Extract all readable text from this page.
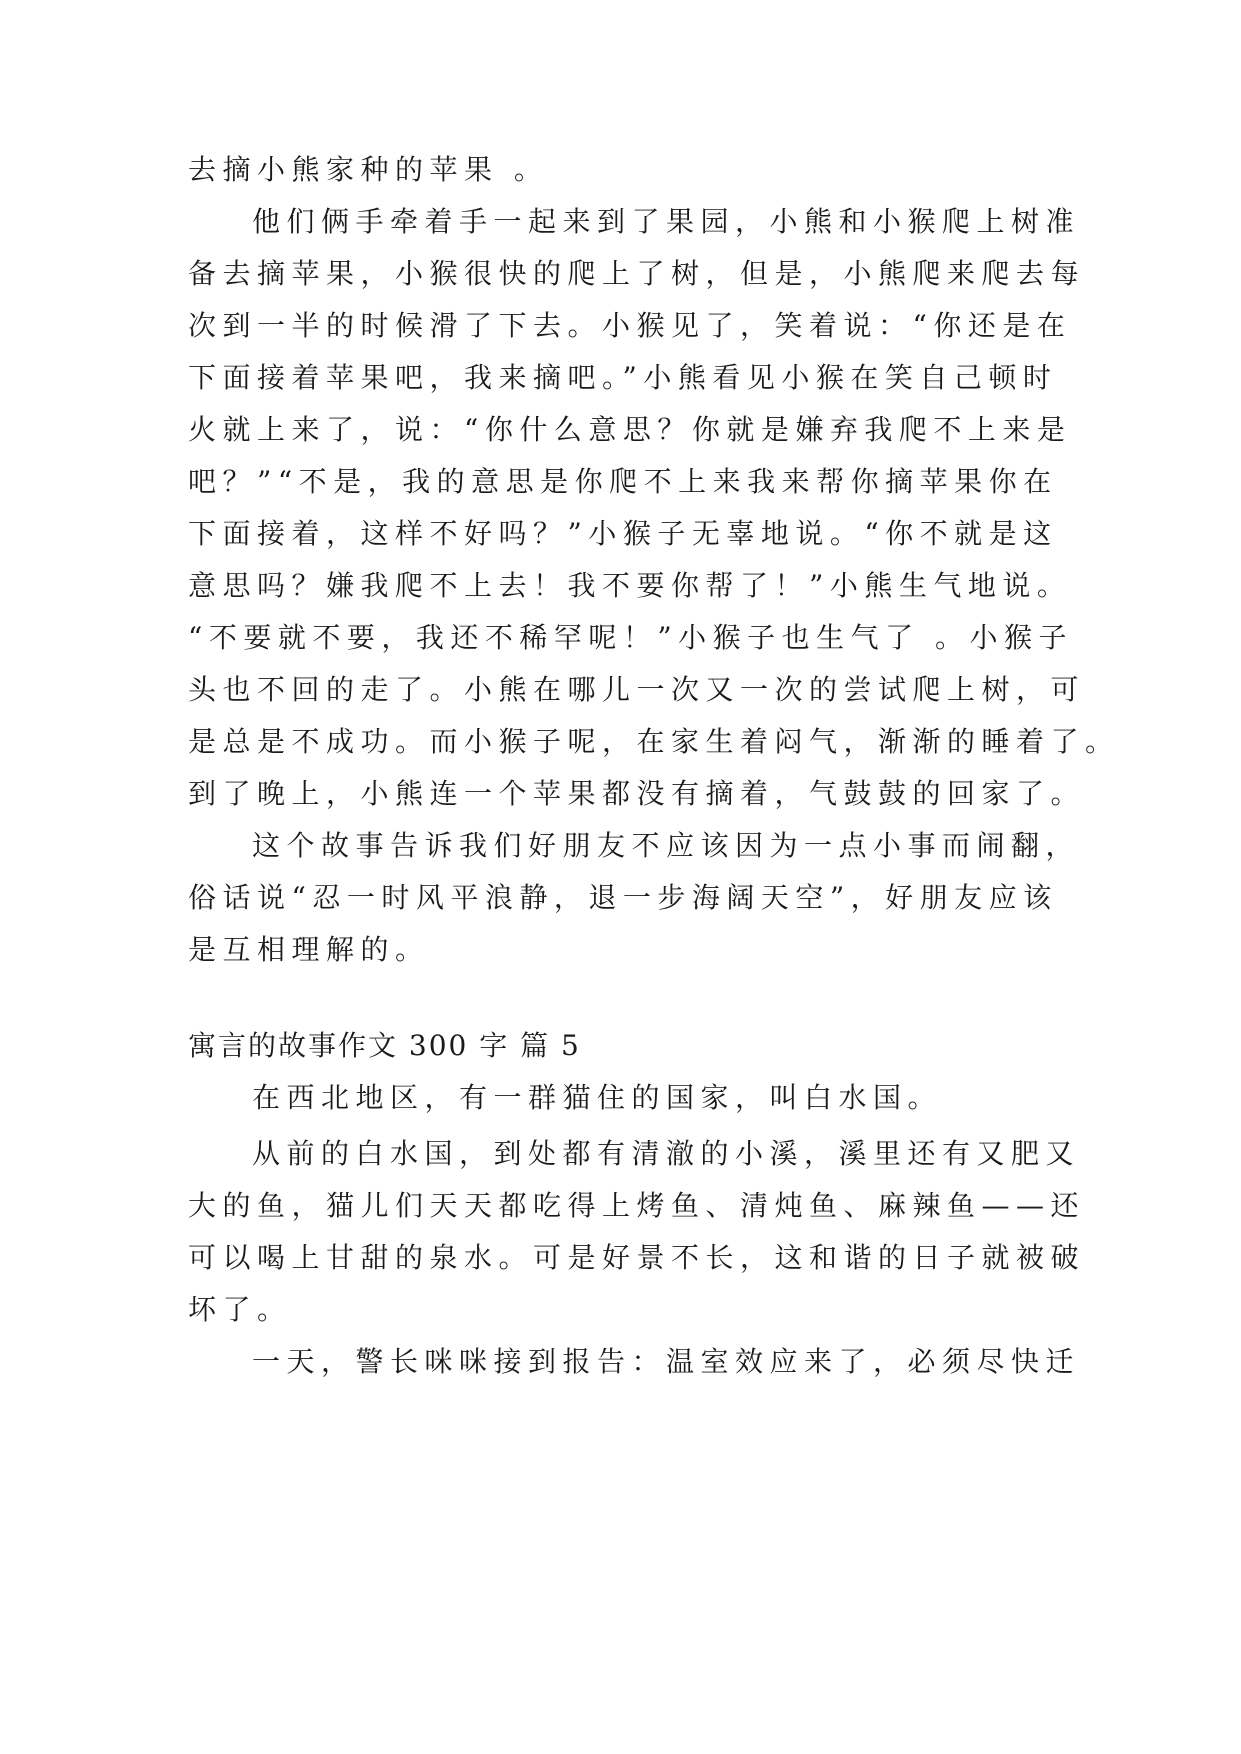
去摘小熊家种的苹果 。
他们俩手牵着手一起来到了果园，小熊和小猴爬上树准
备去摘苹果，小猴很快的爬上了树，但是，小熊爬来爬去每
次到一半的时候滑了下去。小猴见了，笑着说：“你还是在
下面接着苹果吧，我来摘吧。”小熊看见小猴在笑自己顿时
火就上来了，说：“你什么意思？你就是嫌弃我爬不上来是
吧？”“不是，我的意思是你爬不上来我来帮你摘苹果你在
下面接着，这样不好吗？”小猴子无辜地说。“你不就是这
意思吗？嫌我爬不上去！我不要你帮了！”小熊生气地说。
“不要就不要，我还不稀罕呢！”小猴子也生气了 。小猴子
头也不回的走了。小熊在哪儿一次又一次的尝试爬上树，可
是总是不成功。而小猴子呢，在家生着闷气，渐渐的睡着了。
到了晚上，小熊连一个苹果都没有摘着，气鼓鼓的回家了。
这个故事告诉我们好朋友不应该因为一点小事而闹翻，
俗话说“忍一时风平浪静，退一步海阔天空”，好朋友应该
是互相理解的。
寓言的故事作文 300 字 篇 5
在西北地区，有一群猫住的国家，叫白水国。
从前的白水国，到处都有清澈的小溪，溪里还有又肥又
大的鱼，猫儿们天天都吃得上烤鱼、清炖鱼、麻辣鱼——还
可以喝上甘甜的泉水。可是好景不长，这和谐的日子就被破
坏了。
一天，警长咪咪接到报告：温室效应来了，必须尽快迁
